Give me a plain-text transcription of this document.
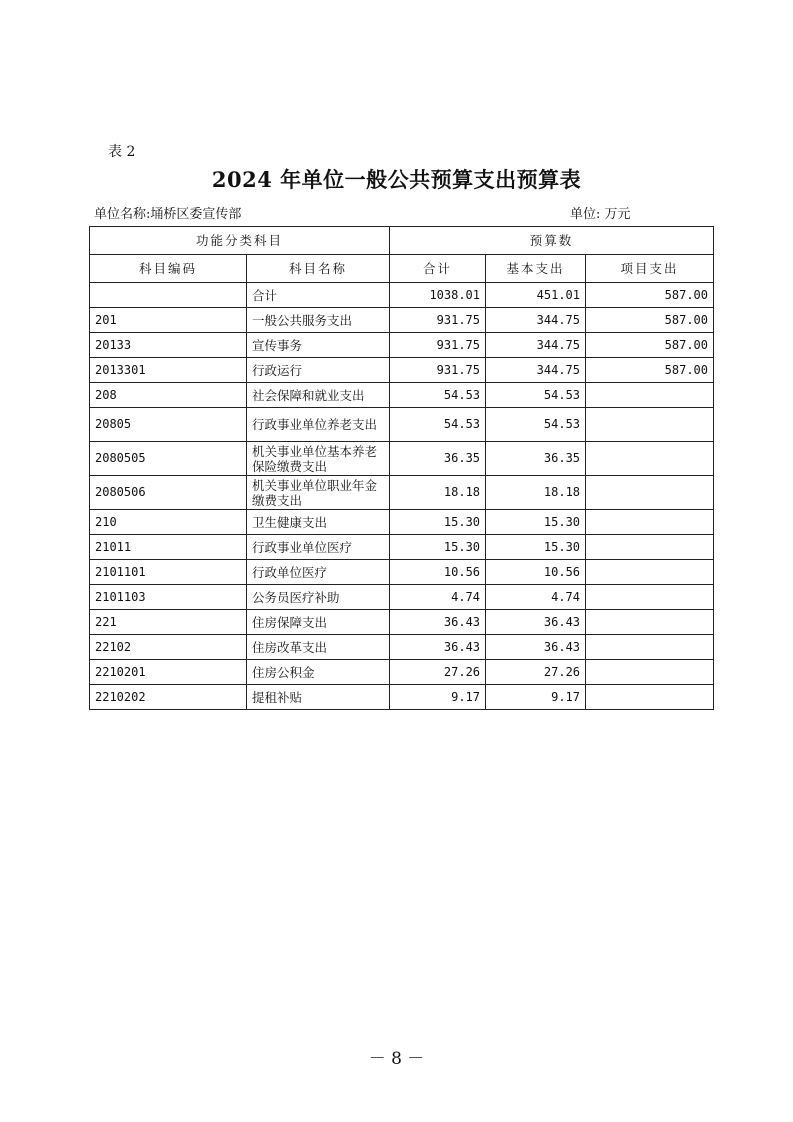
表 2
2024 年单位一般公共预算支出预算表
单位名称:埇桥区委宣传部	单位: 万元
功能分类科目		预算数		
科目编码	科目名称	合计	基本支出	项目支出
	合计	1038.01	451.01	587.00
201	一般公共服务支出	931.75	344.75	587.00
20133	宣传事务	931.75	344.75	587.00
2013301	行政运行	931.75	344.75	587.00
208	社会保障和就业支出	54.53	54.53	
20805	行政事业单位养老支出	54.53	54.53	
2080505	机关事业单位基本养老保险缴费支出	36.35	36.35	
2080506	机关事业单位职业年金缴费支出	18.18	18.18	
210	卫生健康支出	15.30	15.30	
21011	行政事业单位医疗	15.30	15.30	
2101101	行政单位医疗	10.56	10.56	
2101103	公务员医疗补助	4.74	4.74	
221	住房保障支出	36.43	36.43	
22102	住房改革支出	36.43	36.43	
2210201	住房公积金	27.26	27.26	
2210202	提租补贴	9.17	9.17	
－ 8 －
